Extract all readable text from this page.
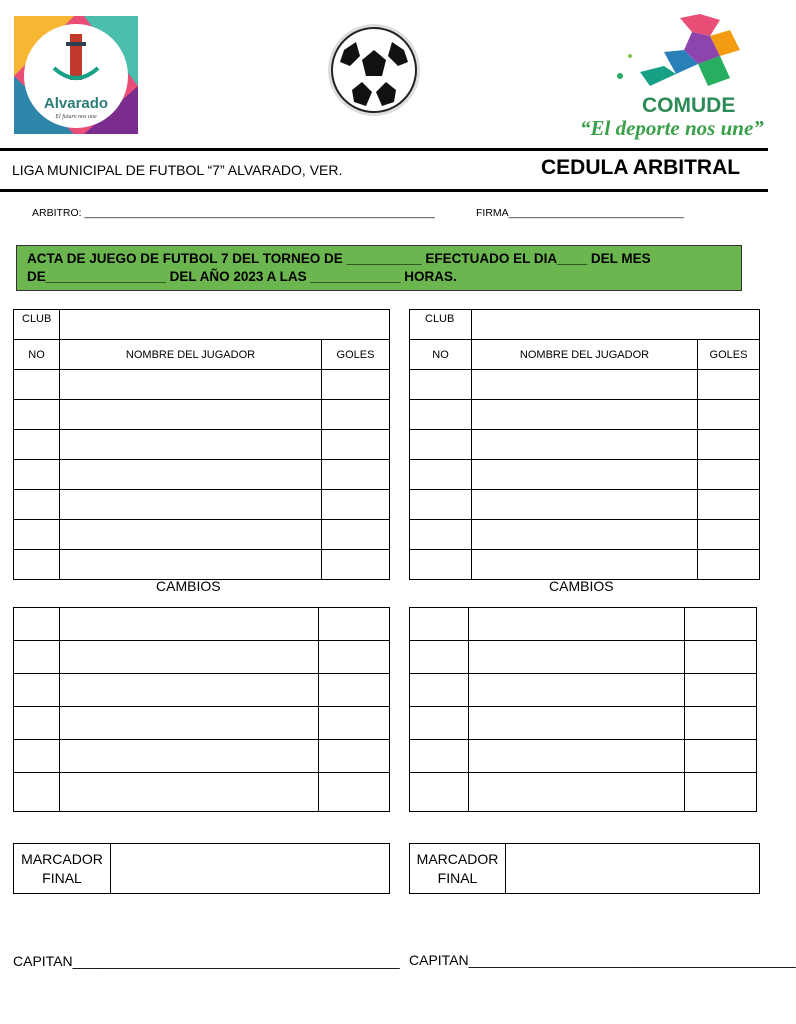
Alvarado
El futuro nos une	COMUDE
“El deporte nos une”
LIGA MUNICIPAL DE FUTBOL “7” ALVARADO, VER.	CEDULA ARBITRAL
ARBITRO: ____________________________________________________________	FIRMA______________________________
ACTA DE JUEGO DE FUTBOL 7 DEL TORNEO DE __________ EFECTUADO EL DIA____ DEL MES
DE________________ DEL AÑO 2023 A LAS ____________ HORAS.
CLUB		
NO	NOMBRE DEL JUGADOR	GOLES

CLUB		
NO	NOMBRE DEL JUGADOR	GOLES

CAMBIOS	CAMBIOS

MARCADOR
FINAL

MARCADOR
FINAL

CAPITAN__________________________________________ CAPITAN__________________________________________
